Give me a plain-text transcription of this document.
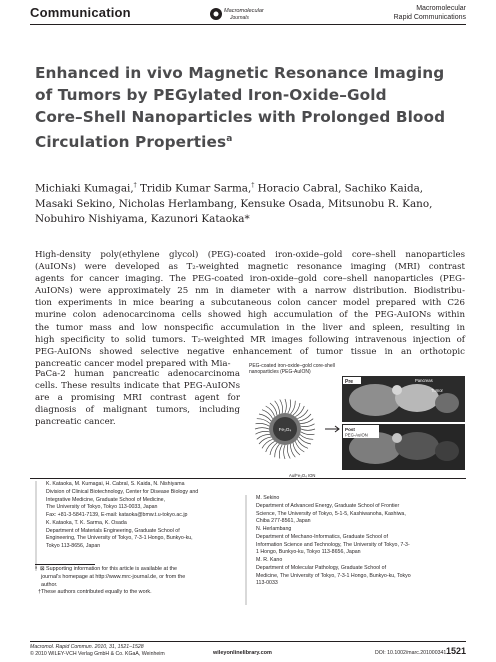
Communication	Macromolecular
Journals
Macromolecular
Rapid Communications
Enhanced in vivo Magnetic Resonance Imaging
of Tumors by PEGylated Iron-Oxide–Gold
Core–Shell Nanoparticles with Prolonged Blood
Circulation Properties$^a$
Michiaki Kumagai,† Tridib Kumar Sarma,† Horacio Cabral, Sachiko Kaida,
Masaki Sekino, Nicholas Herlambang, Kensuke Osada, Mitsunobu R. Kano,
Nobuhiro Nishiyama, Kazunori Kataoka*
High-density poly(ethylene glycol) (PEG)-coated iron-oxide–gold core–shell nanoparticles
(AuIONs) were developed as T₂-weighted magnetic resonance imaging (MRI) contrast
agents for cancer imaging. The PEG-coated iron-oxide–gold core–shell nanoparticles (PEG-
AuIONs) were approximately 25 nm in diameter with a narrow distribution. Biodistribu-
tion experiments in mice bearing a subcutaneous colon cancer model prepared with C26
murine colon adenocarcinoma cells showed high accumulation of the PEG-AuIONs within
the tumor mass and low nonspecific accumulation in the liver and spleen, resulting in
high specificity to solid tumors. T₂-weighted MR images following intravenous injection of
PEG-AuIONs showed selective negative enhancement of tumor tissue in an orthotopic
pancreatic cancer model prepared with Mia-
PaCa-2 human pancreatic adenocarcinoma
cells. These results indicate that PEG-AuIONs
are a promising MRI contrast agent for
diagnosis of malignant tumors, including
pancreatic cancer.
PEG-coated iron-oxide–gold core-shell
nanoparticles (PEG-AuION)
Fe₃O₄
Au/Fe₃O₄ ION
Pre	Pancreas
Tumor
Post
PEG-AuION
K. Kataoka, M. Kumagai, H. Cabral, S. Kaida, N. Nishiyama
Division of Clinical Biotechnology, Center for Disease Biology and
Integrative Medicine, Graduate School of Medicine,
The University of Tokyo, Tokyo 113-0033, Japan
Fax: +81-3-5841-7139, E-mail: kataoka@bmw.t.u-tokyo.ac.jp
K. Kataoka, T. K. Sarma, K. Osada
Department of Materials Engineering, Graduate School of
Engineering, The University of Tokyo, 7-3-1 Hongo, Bunkyo-ku,
Tokyo 113-8656, Japan
M. Sekino
Department of Advanced Energy, Graduate School of Frontier
Science, The University of Tokyo, 5-1-5, Kashiwanoha, Kashiwa,
Chiba 277-8561, Japan
N. Herlambang
Department of Mechano-Informatics, Graduate School of
Information Science and Technology, The University of Tokyo, 7-3-
1 Hongo, Bunkyo-ku, Tokyo 113-8656, Japan
M. R. Kano
Department of Molecular Pathology, Graduate School of
Medicine, The University of Tokyo, 7-3-1 Hongo, Bunkyo-ku, Tokyo
113-0033
ᵃ  ⊠ Supporting information for this article is available at the
journal's homepage at http://www.mrc-journal.de, or from the
author.
†These authors contributed equally to the work.
Macromol. Rapid Commun. 2010, 31, 1521–1528
© 2010 WILEY-VCH Verlag GmbH & Co. KGaA, Weinheim	wileyonlinelibrary.com	DOI: 10.1002/marc.201000341 1521
